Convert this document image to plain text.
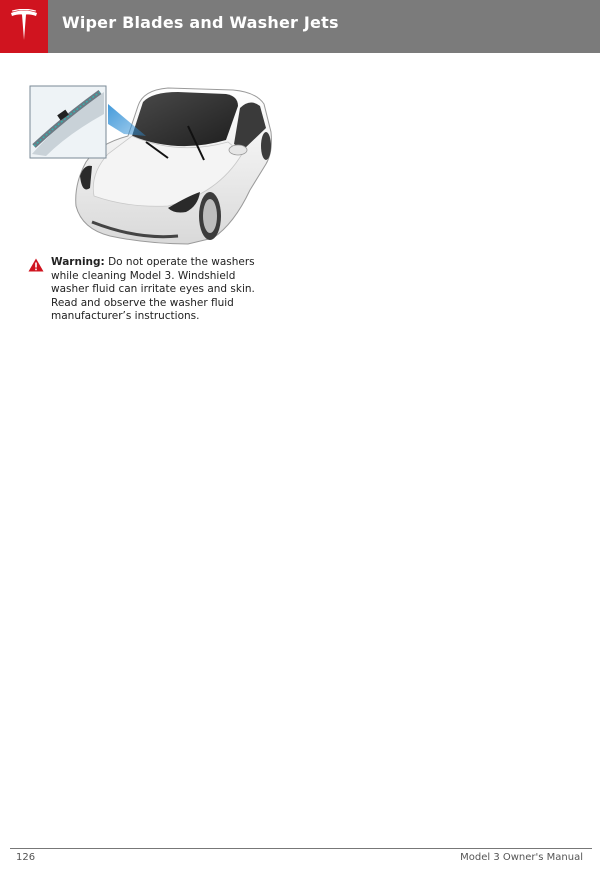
Wiper Blades and Washer Jets
Warning: Do not operate the washers while cleaning Model 3. Windshield washer fluid can irritate eyes and skin. Read and observe the washer fluid manufacturer’s instructions.
126	Model 3 Owner's Manual
